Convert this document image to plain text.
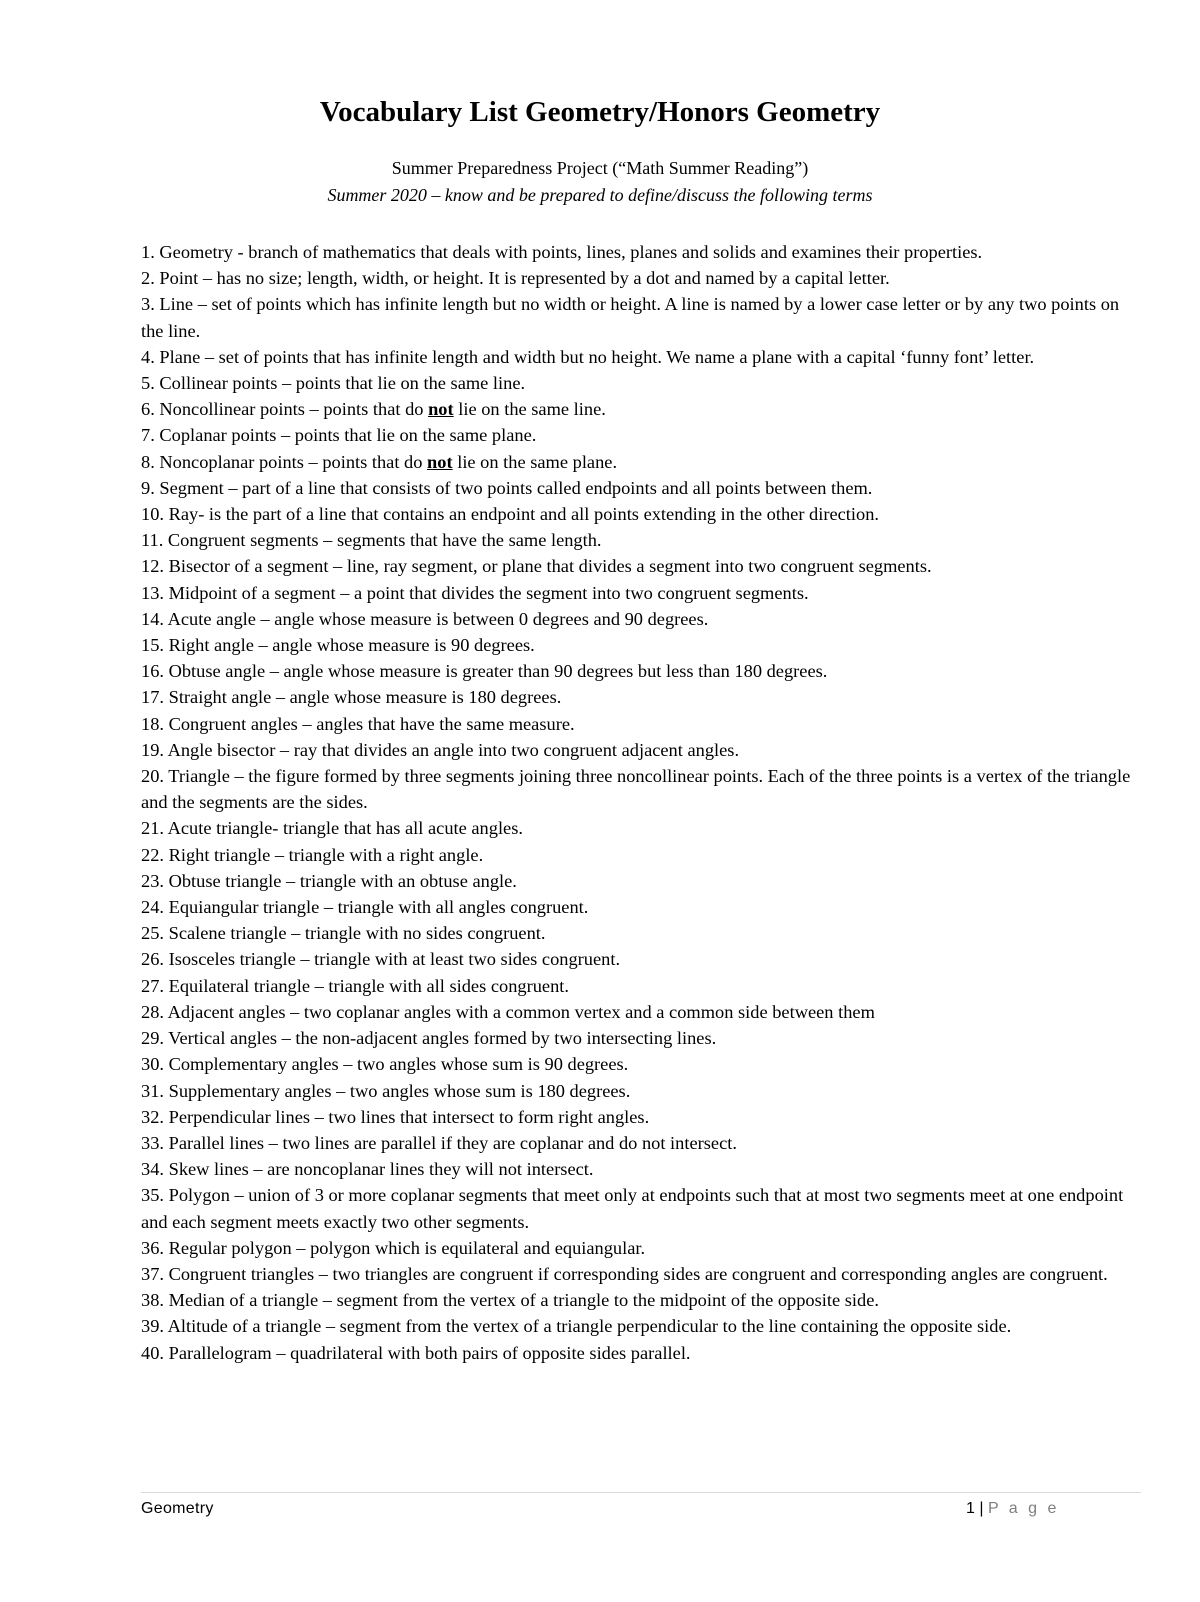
Vocabulary List Geometry/Honors Geometry

Summer Preparedness Project (“Math Summer Reading”)

Summer 2020 – know and be prepared to define/discuss the following terms

1. Geometry - branch of mathematics that deals with points, lines, planes and solids and examines their properties.
2. Point – has no size; length, width, or height. It is represented by a dot and named by a capital letter.
3. Line – set of points which has infinite length but no width or height. A line is named by a lower case letter or by any two points on the line.
4. Plane – set of points that has infinite length and width but no height. We name a plane with a capital ‘funny font’ letter.
5. Collinear points – points that lie on the same line.
6. Noncollinear points – points that do not lie on the same line.
7. Coplanar points – points that lie on the same plane.
8. Noncoplanar points – points that do not lie on the same plane.
9. Segment – part of a line that consists of two points called endpoints and all points between them.
10. Ray- is the part of a line that contains an endpoint and all points extending in the other direction.
11. Congruent segments – segments that have the same length.
12. Bisector of a segment – line, ray segment, or plane that divides a segment into two congruent segments.
13. Midpoint of a segment – a point that divides the segment into two congruent segments.
14. Acute angle – angle whose measure is between 0 degrees and 90 degrees.
15. Right angle – angle whose measure is 90 degrees.
16. Obtuse angle – angle whose measure is greater than 90 degrees but less than 180 degrees.
17. Straight angle – angle whose measure is 180 degrees.
18. Congruent angles – angles that have the same measure.
19. Angle bisector – ray that divides an angle into two congruent adjacent angles.
20. Triangle – the figure formed by three segments joining three noncollinear points. Each of the three points is a vertex of the triangle and the segments are the sides.
21. Acute triangle- triangle that has all acute angles.
22. Right triangle – triangle with a right angle.
23. Obtuse triangle – triangle with an obtuse angle.
24. Equiangular triangle – triangle with all angles congruent.
25. Scalene triangle – triangle with no sides congruent.
26. Isosceles triangle – triangle with at least two sides congruent.
27. Equilateral triangle – triangle with all sides congruent.
28. Adjacent angles – two coplanar angles with a common vertex and a common side between them
29. Vertical angles – the non-adjacent angles formed by two intersecting lines.
30. Complementary angles – two angles whose sum is 90 degrees.
31. Supplementary angles – two angles whose sum is 180 degrees.
32. Perpendicular lines – two lines that intersect to form right angles.
33. Parallel lines – two lines are parallel if they are coplanar and do not intersect.
34. Skew lines – are noncoplanar lines they will not intersect.
35. Polygon – union of 3 or more coplanar segments that meet only at endpoints such that at most two segments meet at one endpoint and each segment meets exactly two other segments.
36. Regular polygon – polygon which is equilateral and equiangular.
37. Congruent triangles – two triangles are congruent if corresponding sides are congruent and corresponding angles are congruent.
38. Median of a triangle – segment from the vertex of a triangle to the midpoint of the opposite side.
39. Altitude of a triangle – segment from the vertex of a triangle perpendicular to the line containing the opposite side.
40. Parallelogram – quadrilateral with both pairs of opposite sides parallel.
Geometry	1 | P a g e
